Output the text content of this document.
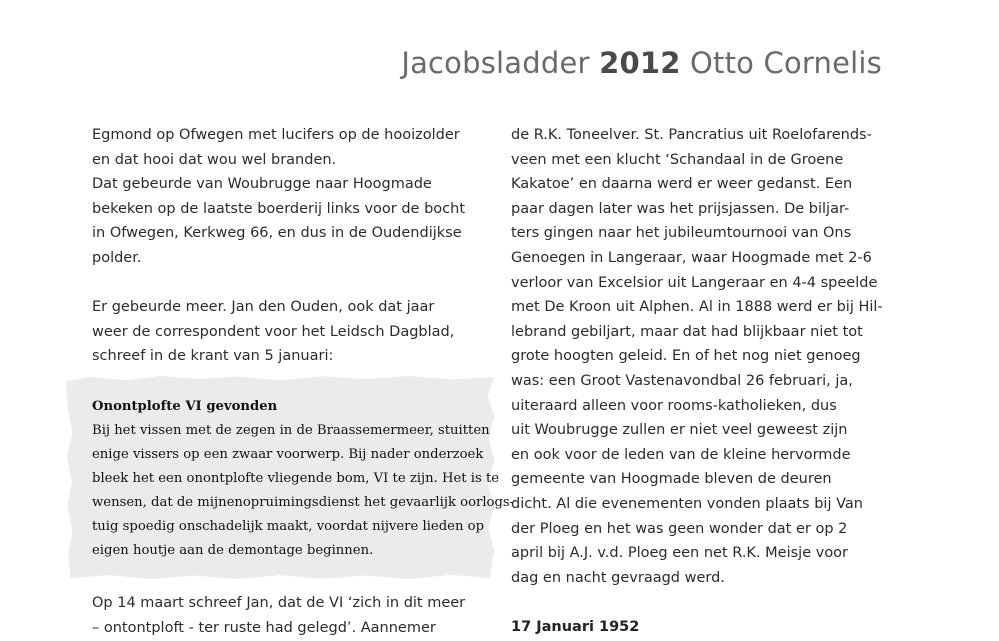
Jacobsladder 2012 Otto Cornelis
Egmond op Ofwegen met lucifers op de hooizolder
en dat hooi dat wou wel branden.
Dat gebeurde van Woubrugge naar Hoogmade
bekeken op de laatste boerderij links voor de bocht
in Ofwegen, Kerkweg 66, en dus in de Oudendijkse
polder.
Er gebeurde meer. Jan den Ouden, ook dat jaar
weer de correspondent voor het Leidsch Dagblad,
schreef in de krant van 5 januari:
Onontplofte VI gevonden
Bij het vissen met de zegen in de Braassemermeer, stuitten
enige vissers op een zwaar voorwerp. Bij nader onderzoek
bleek het een onontplofte vliegende bom, VI te zijn. Het is te
wensen, dat de mijnenopruimingsdienst het gevaarlijk oorlogs-
tuig spoedig onschadelijk maakt, voordat nijvere lieden op
eigen houtje aan de demontage beginnen.
Op 14 maart schreef Jan, dat de VI ‘zich in dit meer
– ontontploft - ter ruste had gelegd’. Aannemer
de R.K. Toneelver. St. Pancratius uit Roelofarends-
veen met een klucht ‘Schandaal in de Groene
Kakatoe’ en daarna werd er weer gedanst. Een
paar dagen later was het prijsjassen. De biljar-
ters gingen naar het jubileumtournooi van Ons
Genoegen in Langeraar, waar Hoogmade met 2-6
verloor van Excelsior uit Langeraar en 4-4 speelde
met De Kroon uit Alphen. Al in 1888 werd er bij Hil-
lebrand gebiljart, maar dat had blijkbaar niet tot
grote hoogten geleid. En of het nog niet genoeg
was: een Groot Vastenavondbal 26 februari, ja,
uiteraard alleen voor rooms-katholieken, dus
uit Woubrugge zullen er niet veel geweest zijn
en ook voor de leden van de kleine hervormde
gemeente van Hoogmade bleven de deuren
dicht. Al die evenementen vonden plaats bij Van
der Ploeg en het was geen wonder dat er op 2
april bij A.J. v.d. Ploeg een net R.K. Meisje voor
dag en nacht gevraagd werd.
17 Januari 1952
